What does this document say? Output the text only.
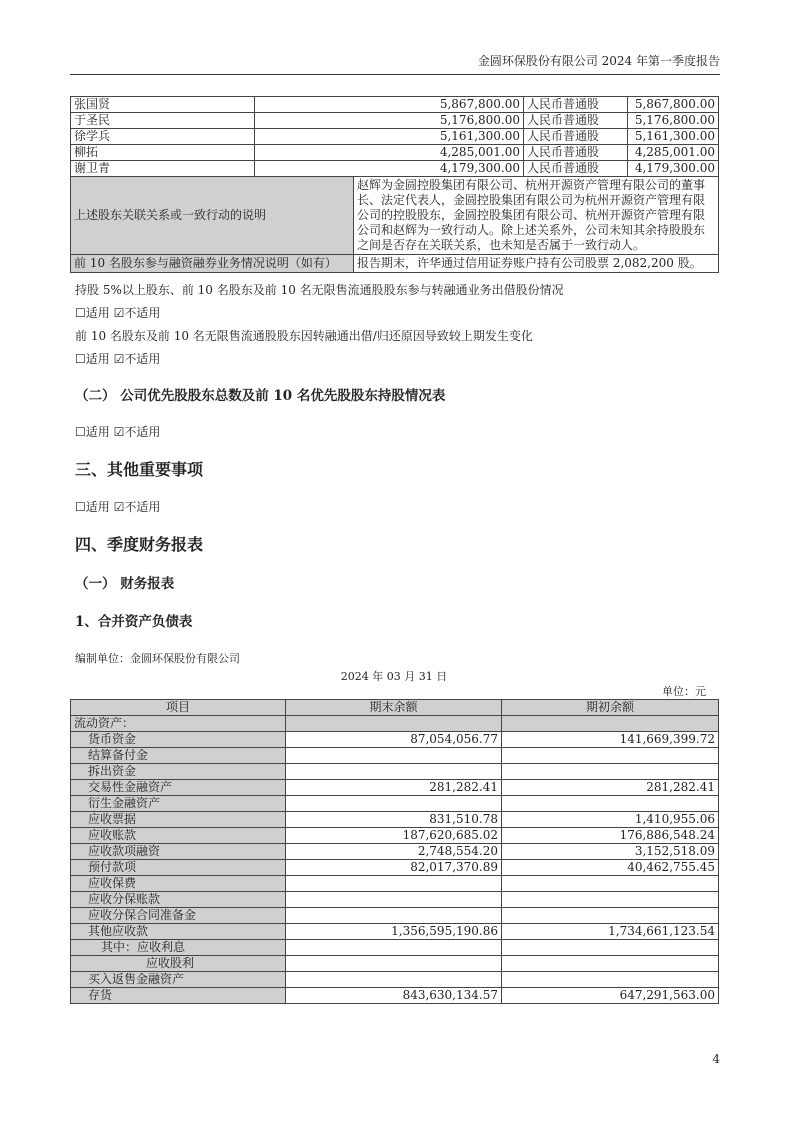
金圆环保股份有限公司 2024 年第一季度报告
张国贤	5,867,800.00		人民币普通股	5,867,800.00
于圣民	5,176,800.00		人民币普通股	5,176,800.00
徐学兵	5,161,300.00		人民币普通股	5,161,300.00
柳拓	4,285,001.00		人民币普通股	4,285,001.00
谢卫青	4,179,300.00		人民币普通股	4,179,300.00
上述股东关联关系或一致行动的说明		赵辉为金圆控股集团有限公司、杭州开源资产管理有限公司的董事长、法定代表人，金圆控股集团有限公司为杭州开源资产管理有限公司的控股股东，金圆控股集团有限公司、杭州开源资产管理有限公司和赵辉为一致行动人。除上述关系外，公司未知其余持股股东之间是否存在关联关系，也未知是否属于一致行动人。		
前 10 名股东参与融资融券业务情况说明（如有）		报告期末，许华通过信用证券账户持有公司股票 2,082,200 股。		
持股 5%以上股东、前 10 名股东及前 10 名无限售流通股股东参与转融通业务出借股份情况
☐适用 ☑不适用
前 10 名股东及前 10 名无限售流通股股东因转融通出借/归还原因导致较上期发生变化
☐适用 ☑不适用
（二） 公司优先股股东总数及前 10 名优先股股东持股情况表
☐适用 ☑不适用
三、其他重要事项
☐适用 ☑不适用
四、季度财务报表
（一） 财务报表
1、合并资产负债表
编制单位：金圆环保股份有限公司
2024 年 03 月 31 日
单位：元
项目	期末余额	期初余额
流动资产：		
货币资金	87,054,056.77	141,669,399.72
结算备付金		
拆出资金		
交易性金融资产	281,282.41	281,282.41
衍生金融资产		
应收票据	831,510.78	1,410,955.06
应收账款	187,620,685.02	176,886,548.24
应收款项融资	2,748,554.20	3,152,518.09
预付款项	82,017,370.89	40,462,755.45
应收保费		
应收分保账款		
应收分保合同准备金		
其他应收款	1,356,595,190.86	1,734,661,123.54
其中：应收利息		
应收股利		
买入返售金融资产		
存货	843,630,134.57	647,291,563.00
4
